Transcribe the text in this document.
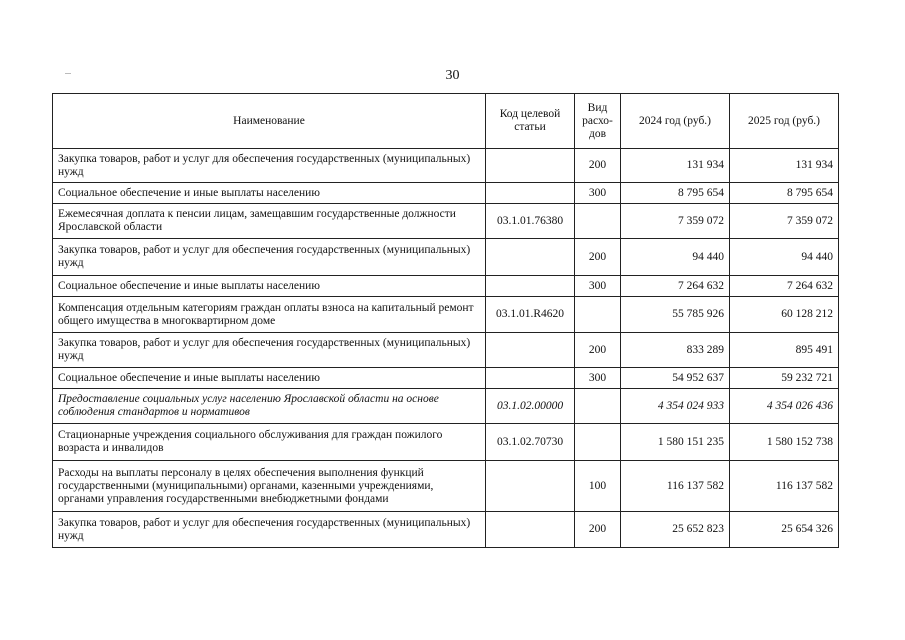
30
Наименование	Код целевой статьи	Вид расхо-дов	2024 год (руб.)	2025 год (руб.)
Закупка товаров, работ и услуг для обеспечения государственных (муниципальных) нужд		200	131 934	131 934
Социальное обеспечение и иные выплаты населению		300	8 795 654	8 795 654
Ежемесячная доплата к пенсии лицам, замещавшим государственные должности Ярославской области	03.1.01.76380		7 359 072	7 359 072
Закупка товаров, работ и услуг для обеспечения государственных (муниципальных) нужд		200	94 440	94 440
Социальное обеспечение и иные выплаты населению		300	7 264 632	7 264 632
Компенсация отдельным категориям граждан оплаты взноса на капитальный ремонт общего имущества в многоквартирном доме	03.1.01.R4620		55 785 926	60 128 212
Закупка товаров, работ и услуг для обеспечения государственных (муниципальных) нужд		200	833 289	895 491
Социальное обеспечение и иные выплаты населению		300	54 952 637	59 232 721
Предоставление социальных услуг населению Ярославской области на основе соблюдения стандартов и нормативов	03.1.02.00000		4 354 024 933	4 354 026 436
Стационарные учреждения социального обслуживания для граждан пожилого возраста и инвалидов	03.1.02.70730		1 580 151 235	1 580 152 738
Расходы на выплаты персоналу в целях обеспечения выполнения функций государственными (муниципальными) органами, казенными учреждениями, органами управления государственными внебюджетными фондами		100	116 137 582	116 137 582
Закупка товаров, работ и услуг для обеспечения государственных (муниципальных) нужд		200	25 652 823	25 654 326
